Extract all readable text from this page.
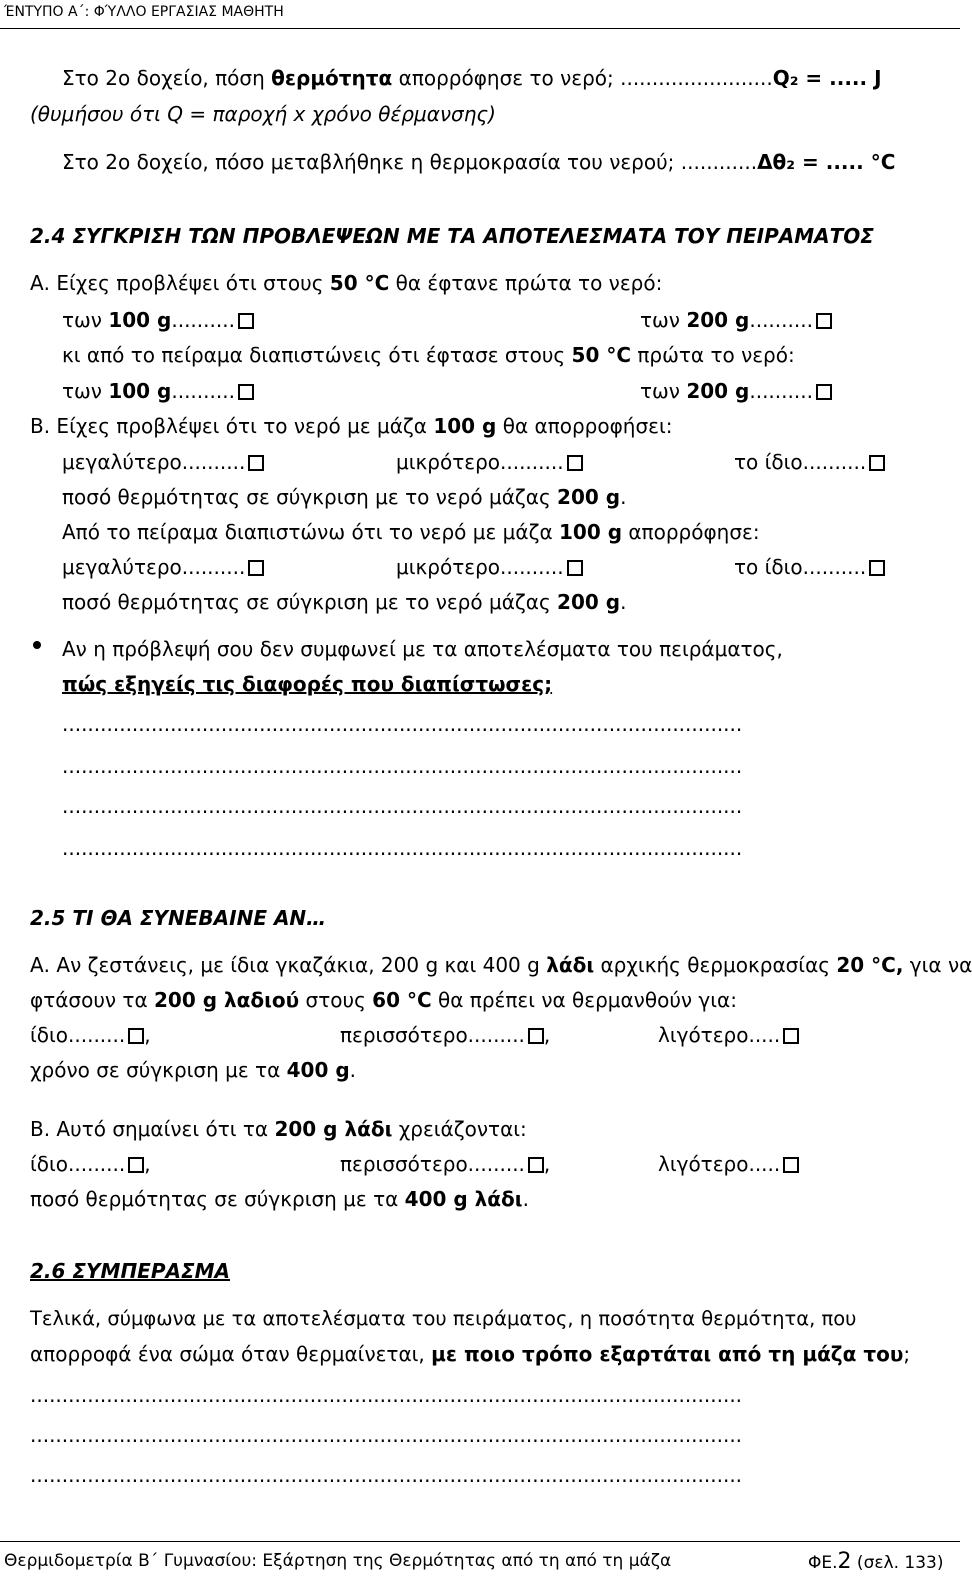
ΈΝΤΥΠΟ Α΄: ΦΎΛΛΟ ΕΡΓΑΣΙΑΣ ΜΑΘΗΤΗ
Στο 2ο δοχείο, πόση θερμότητα απορρόφησε το νερό; ........................Q₂ = ..... J
(θυμήσου ότι Q = παροχή x χρόνο θέρμανσης)
Στο 2ο δοχείο, πόσο μεταβλήθηκε η θερμοκρασία του νερού; ............Δθ₂ = ..... °C
2.4 ΣΥΓΚΡΙΣΗ ΤΩΝ ΠΡΟΒΛΕΨΕΩΝ ΜΕ ΤΑ ΑΠΟΤΕΛΕΣΜΑΤΑ ΤΟΥ ΠΕΙΡΑΜΑΤΟΣ
Α. Είχες προβλέψει ότι στους 50 °C θα έφτανε πρώτα το νερό:
των 100 g..........	των 200 g..........
κι από το πείραμα διαπιστώνεις ότι έφτασε στους 50 °C πρώτα το νερό:
των 100 g..........	των 200 g..........
Β. Είχες προβλέψει ότι το νερό με μάζα 100 g θα απορροφήσει:
μεγαλύτερο..........	μικρότερο..........	το ίδιο..........
ποσό θερμότητας σε σύγκριση με το νερό μάζας 200 g.
Από το πείραμα διαπιστώνω ότι το νερό με μάζα 100 g απορρόφησε:
μεγαλύτερο..........	μικρότερο..........	το ίδιο..........
ποσό θερμότητας σε σύγκριση με το νερό μάζας 200 g.
Αν η πρόβλεψή σου δεν συμφωνεί με τα αποτελέσματα του πειράματος,
πώς εξηγείς τις διαφορές που διαπίστωσες;
...........................................................................................................
...........................................................................................................
...........................................................................................................
...........................................................................................................
2.5 ΤΙ ΘΑ ΣΥΝΕΒΑΙΝΕ ΑΝ…
Α. Αν ζεστάνεις, με ίδια γκαζάκια, 200 g και 400 g λάδι αρχικής θερμοκρασίας 20 °C, για να
φτάσουν τα 200 g λαδιού στους 60 °C θα πρέπει να θερμανθούν για:
ίδιο......... ,	περισσότερο......... ,	λιγότερο.....
χρόνο σε σύγκριση με τα 400 g.
Β. Αυτό σημαίνει ότι τα 200 g λάδι χρειάζονται:
ίδιο......... ,	περισσότερο......... ,	λιγότερο.....
ποσό θερμότητας σε σύγκριση με τα 400 g λάδι.
2.6 ΣΥΜΠΕΡΑΣΜΑ
Τελικά, σύμφωνα με τα αποτελέσματα του πειράματος, η ποσότητα θερμότητα, που
απορροφά ένα σώμα όταν θερμαίνεται, με ποιο τρόπο εξαρτάται από τη μάζα του;
................................................................................................................
................................................................................................................
................................................................................................................
Θερμιδομετρία Β΄ Γυμνασίου: Εξάρτηση της Θερμότητας από τη από τη μάζα	ΦΕ.2 (σελ. 133)
